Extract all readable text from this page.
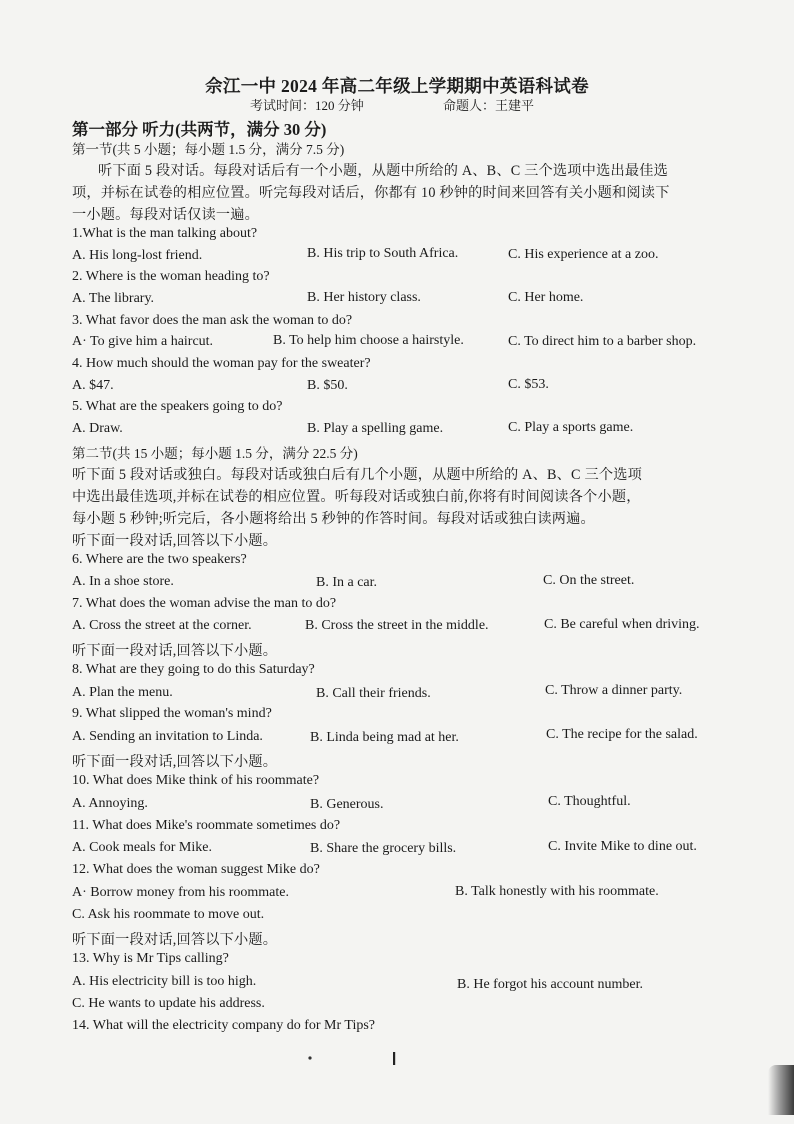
佘江一中 2024 年高二年级上学期期中英语科试卷
考试时间：120 分钟	命题人：王建平
第一部分 听力(共两节，满分 30 分)
第一节(共 5 小题；每小题 1.5 分，满分 7.5 分)
听下面 5 段对话。每段对话后有一个小题，从题中所给的 A、B、C 三个选项中选出最佳选
项，并标在试卷的相应位置。听完每段对话后，你都有 10 秒钟的时间来回答有关小题和阅读下
一小题。每段对话仅读一遍。
1.What is the man talking about?
A. His long-lost friend.	B. His trip to South Africa.	C. His experience at a zoo.
2. Where is the woman heading to?
A. The library.	B. Her history class.	C. Her home.
3. What favor does the man ask the woman to do?
A· To give him a haircut.	B. To help him choose a hairstyle.	C. To direct him to a barber shop.
4. How much should the woman pay for the sweater?
A. $47.	B. $50.	C. $53.
5. What are the speakers going to do?
A. Draw.	B. Play a spelling game.	C. Play a sports game.
第二节(共 15 小题；每小题 1.5 分，满分 22.5 分)
听下面 5 段对话或独白。每段对话或独白后有几个小题，从题中所给的 A、B、C 三个选项
中选出最佳选项,并标在试卷的相应位置。听每段对话或独白前,你将有时间阅读各个小题，
每小题 5 秒钟;听完后，各小题将给出 5 秒钟的作答时间。每段对话或独白读两遍。
听下面一段对话,回答以下小题。
6. Where are the two speakers?
A. In a shoe store.	B. In a car.	C. On the street.
7. What does the woman advise the man to do?
A. Cross the street at the corner.	B. Cross the street in the middle.	C. Be careful when driving.
听下面一段对话,回答以下小题。
8. What are they going to do this Saturday?
A. Plan the menu.	B. Call their friends.	C. Throw a dinner party.
9. What slipped the woman's mind?
A. Sending an invitation to Linda.	B. Linda being mad at her.	C. The recipe for the salad.
听下面一段对话,回答以下小题。
10. What does Mike think of his roommate?
A. Annoying.	B. Generous.	C. Thoughtful.
11. What does Mike's roommate sometimes do?
A. Cook meals for Mike.	B. Share the grocery bills.	C. Invite Mike to dine out.
12. What does the woman suggest Mike do?
A· Borrow money from his roommate.	B. Talk honestly with his roommate.
C. Ask his roommate to move out.
听下面一段对话,回答以下小题。
13. Why is Mr Tips calling?
A. His electricity bill is too high.	B. He forgot his account number.
C. He wants to update his address.
14. What will the electricity company do for Mr Tips?
